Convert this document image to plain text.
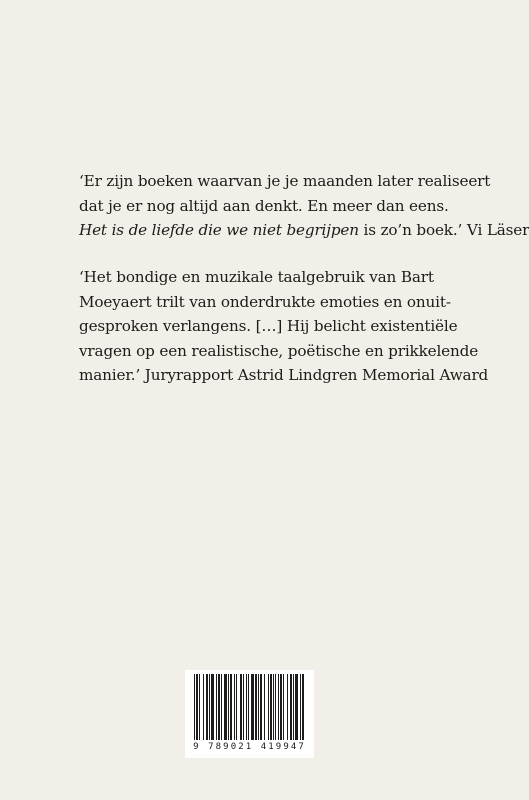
‘Er zijn boeken waarvan je je maanden later realiseert
dat je er nog altijd aan denkt. En meer dan eens.
Het is de liefde die we niet begrijpen is zo’n boek.’ Vi Läser
‘Het bondige en muzikale taalgebruik van Bart
Moeyaert trilt van onderdrukte emoties en onuit-
gesproken verlangens. […] Hij belicht existentiële
vragen op een realistische, poëtische en prikkelende
manier.’ Juryrapport Astrid Lindgren Memorial Award
9 789021 419947
